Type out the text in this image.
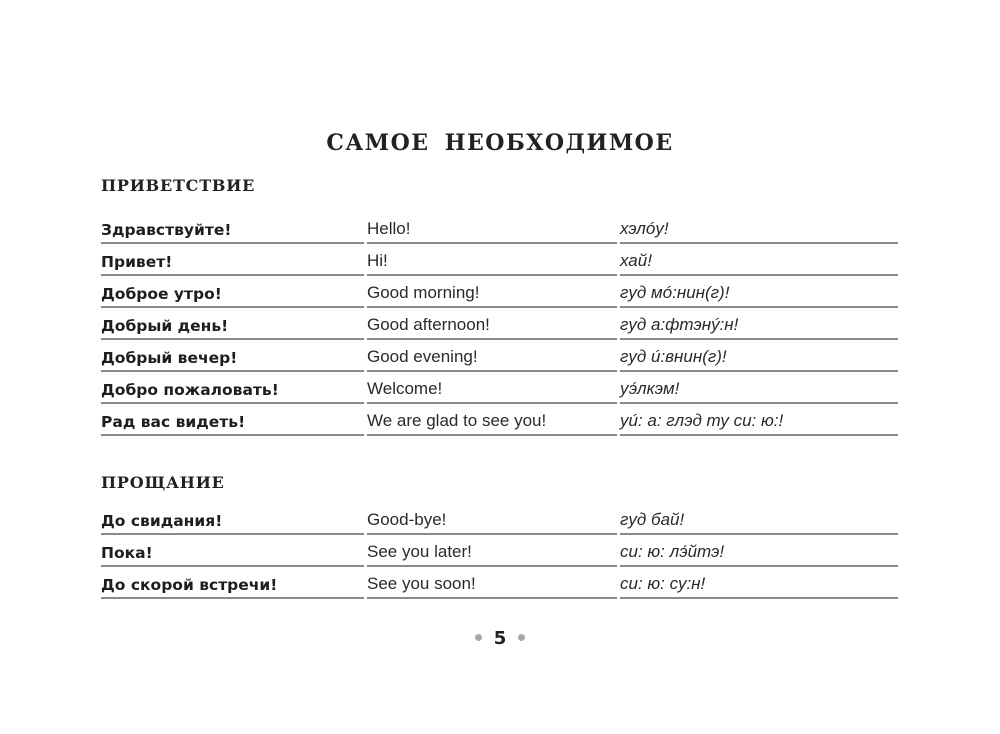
САМОЕ НЕОБХОДИМОЕ
ПРИВЕТСТВИЕ
Здравствуйте!	Hello!	хэлóу!
Привет!	Hi!	хай!
Доброе утро!	Good morning!	гуд мó:нин(г)!
Добрый день!	Good afternoon!	гуд а:фтэнý:н!
Добрый вечер!	Good evening!	гуд ú:внин(г)!
Добро пожаловать!	Welcome!	уэ́лкэм!
Рад вас видеть!	We are glad to see you!	уú: а: глэд ту си: ю:!
ПРОЩАНИЕ
До свидания!	Good-bye!	гуд бай!
Пока!	See you later!	си: ю: лэ́йтэ!
До скорой встречи!	See you soon!	си: ю: су:н!
5
